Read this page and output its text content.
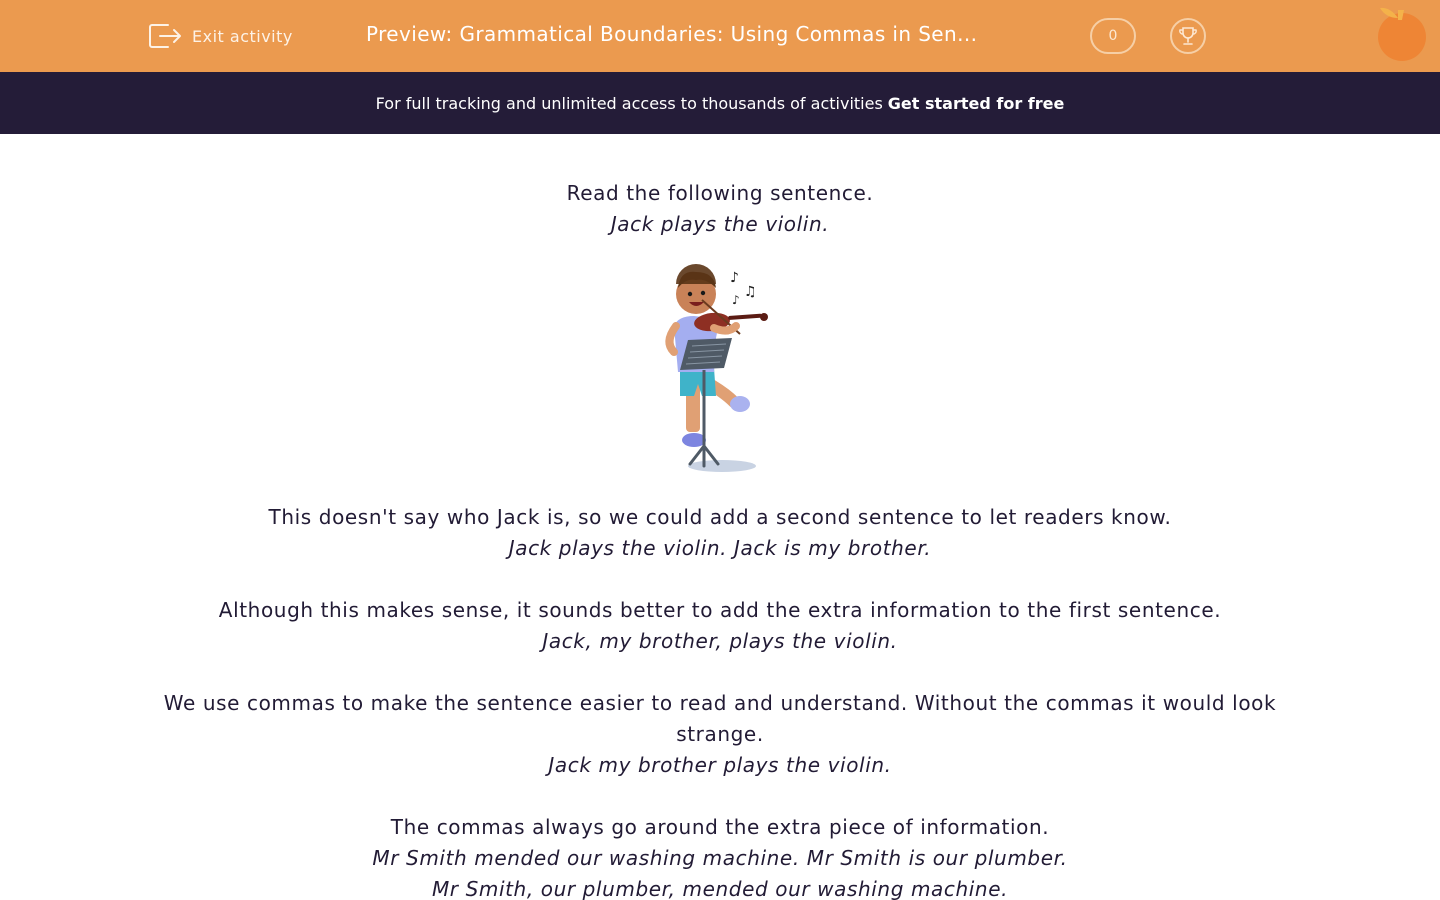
Exit activity	Preview: Grammatical Boundaries: Using Commas in Sen...	0
For full tracking and unlimited access to thousands of activities Get started for free

Read the following sentence.

Jack plays the violin.

♪
♫
♪

This doesn't say who Jack is, so we could add a second sentence to let readers know.

Jack plays the violin. Jack is my brother.

Although this makes sense, it sounds better to add the extra information to the first sentence.

Jack, my brother, plays the violin.

We use commas to make the sentence easier to read and understand. Without the commas it would look strange.

Jack my brother plays the violin.

The commas always go around the extra piece of information.

Mr Smith mended our washing machine. Mr Smith is our plumber.

Mr Smith, our plumber, mended our washing machine.
